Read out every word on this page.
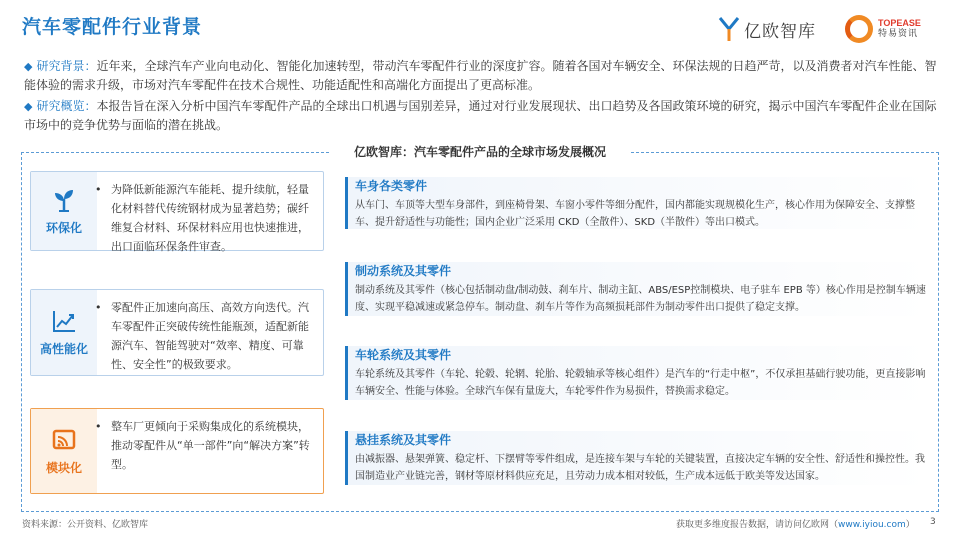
汽车零配件行业背景	亿欧智库	TOPEASE
特易资讯
◆ 研究背景：近年来，全球汽车产业向电动化、智能化加速转型，带动汽车零配件行业的深度扩容。随着各国对车辆安全、环保法规的日趋严苛，以及消费者对汽车性能、智能体验的需求升级，市场对汽车零配件在技术合规性、功能适配性和高端化方面提出了更高标准。
◆ 研究概览：本报告旨在深入分析中国汽车零配件产品的全球出口机遇与国别差异，通过对行业发展现状、出口趋势及各国政策环境的研究，揭示中国汽车零配件企业在国际市场中的竞争优势与面临的潜在挑战。
亿欧智库：汽车零配件产品的全球市场发展概况
环保化
• 为降低新能源汽车能耗、提升续航，轻量化材料替代传统钢材成为显著趋势；碳纤维复合材料、环保材料应用也快速推进，出口面临环保条件审查。
高性能化
• 零配件正加速向高压、高效方向迭代。汽车零配件正突破传统性能瓶颈，适配新能源汽车、智能驾驶对“效率、精度、可靠性、安全性”的极致要求。
模块化
• 整车厂更倾向于采购集成化的系统模块，推动零配件从“单一部件”向“解决方案”转型。
车身各类零件
从车门、车顶等大型车身部件，到座椅骨架、车窗小零件等细分配件，国内都能实现规模化生产，核心作用为保障安全、支撑整车、提升舒适性与功能性；国内企业广泛采用 CKD（全散件）、SKD（半散件）等出口模式。
制动系统及其零件
制动系统及其零件（核心包括制动盘/制动鼓、刹车片、制动主缸、ABS/ESP控制模块、电子驻车 EPB 等）核心作用是控制车辆速度、实现平稳减速或紧急停车。制动盘、刹车片等作为高频损耗部件为制动零件出口提供了稳定支撑。
车轮系统及其零件
车轮系统及其零件（车轮、轮毂、轮辋、轮胎、轮毂轴承等核心组件）是汽车的“行走中枢”，不仅承担基础行驶功能，更直接影响车辆安全、性能与体验。全球汽车保有量庞大，车轮零件作为易损件，替换需求稳定。
悬挂系统及其零件
由减振器、悬架弹簧、稳定杆、下摆臂等零件组成，是连接车架与车轮的关键装置，直接决定车辆的安全性、舒适性和操控性。我国制造业产业链完善，钢材等原材料供应充足，且劳动力成本相对较低，生产成本远低于欧美等发达国家。
资料来源：公开资料、亿欧智库	获取更多维度报告数据，请访问亿欧网（www.iyiou.com） 3
